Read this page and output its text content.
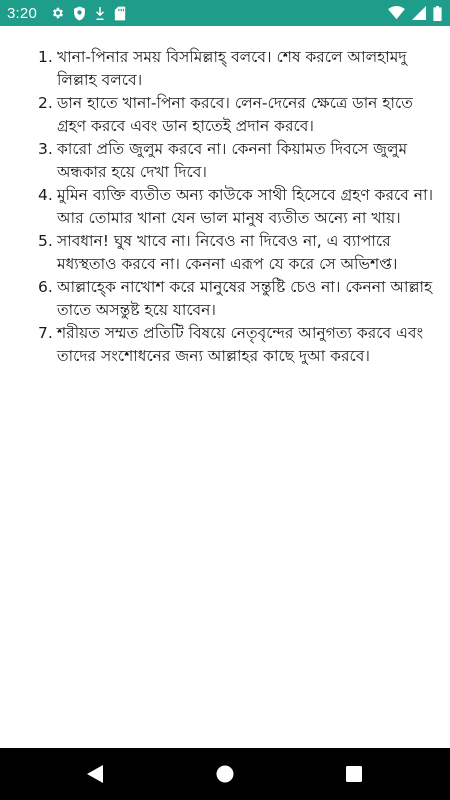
3:20
1. খানা-পিনার সময় বিসমিল্লাহ্ বলবে। শেষ করলে আলহামদু লিল্লাহ বলবে।
2. ডান হাতে খানা-পিনা করবে। লেন-দেনের ক্ষেত্রে ডান হাতে গ্রহণ করবে এবং ডান হাতেই প্রদান করবে।
3. কারো প্রতি জুলুম করবে না। কেননা কিয়ামত দিবসে জুলুম অন্ধকার হয়ে দেখা দিবে।
4. মুমিন ব্যক্তি ব্যতীত অন্য কাউকে সাথী হিসেবে গ্রহণ করবে না। আর তোমার খানা যেন ভাল মানুষ ব্যতীত অন্যে না খায়।
5. সাবধান! ঘুষ খাবে না। নিবেও না দিবেও না, এ ব্যাপারে মধ্যস্থতাও করবে না। কেননা এরূপ যে করে সে অভিশপ্ত।
6. আল্লাহ্কে নাখোশ করে মানুষের সন্তুষ্টি চেও না। কেননা আল্লাহ তাতে অসন্তুষ্ট হয়ে যাবেন।
7. শরীয়ত সম্মত প্রতিটি বিষয়ে নেতৃবৃন্দের আনুগত্য করবে এবং তাদের সংশোধনের জন্য আল্লাহর কাছে দুআ করবে।
